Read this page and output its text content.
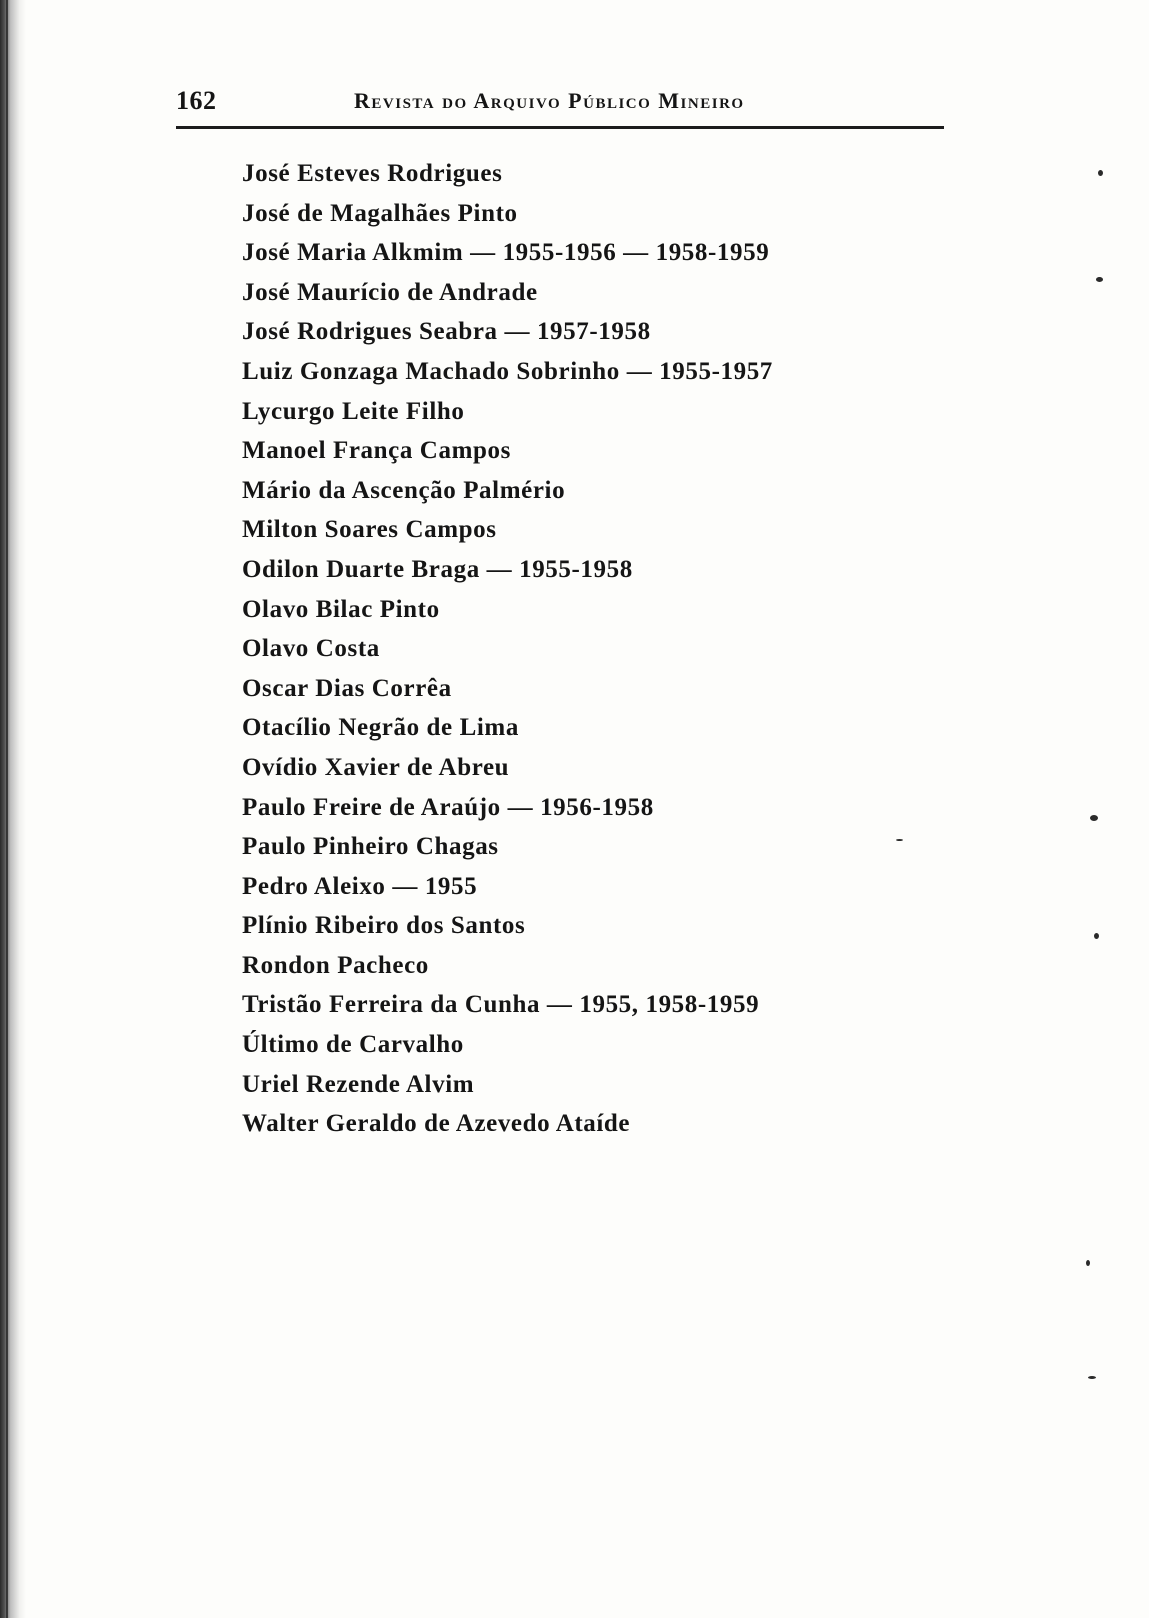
162	Revista do Arquivo Público Mineiro
José Esteves Rodrigues
José de Magalhães Pinto
José Maria Alkmim — 1955-1956 — 1958-1959
José Maurício de Andrade
José Rodrigues Seabra — 1957-1958
Luiz Gonzaga Machado Sobrinho — 1955-1957
Lycurgo Leite Filho
Manoel França Campos
Mário da Ascenção Palmério
Milton Soares Campos
Odilon Duarte Braga — 1955-1958
Olavo Bilac Pinto
Olavo Costa
Oscar Dias Corrêa
Otacílio Negrão de Lima
Ovídio Xavier de Abreu
Paulo Freire de Araújo — 1956-1958
Paulo Pinheiro Chagas
Pedro Aleixo — 1955
Plínio Ribeiro dos Santos
Rondon Pacheco
Tristão Ferreira da Cunha — 1955, 1958-1959
Último de Carvalho
Uriel Rezende Alvim
Walter Geraldo de Azevedo Ataíde
